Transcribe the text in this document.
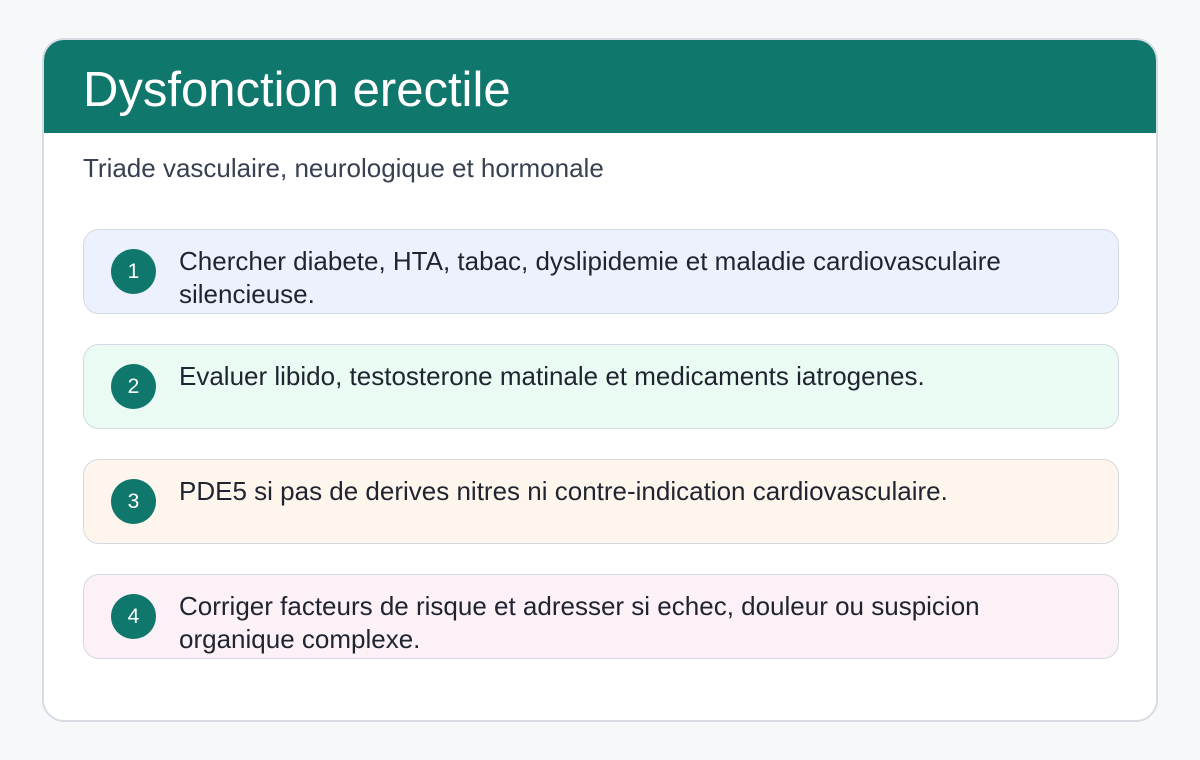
Dysfonction erectile

Triade vasculaire, neurologique et hormonale

1	Chercher diabete, HTA, tabac, dyslipidemie et maladie cardiovasculaire silencieuse.

2	Evaluer libido, testosterone matinale et medicaments iatrogenes.

3	PDE5 si pas de derives nitres ni contre-indication cardiovasculaire.

4	Corriger facteurs de risque et adresser si echec, douleur ou suspicion organique complexe.
